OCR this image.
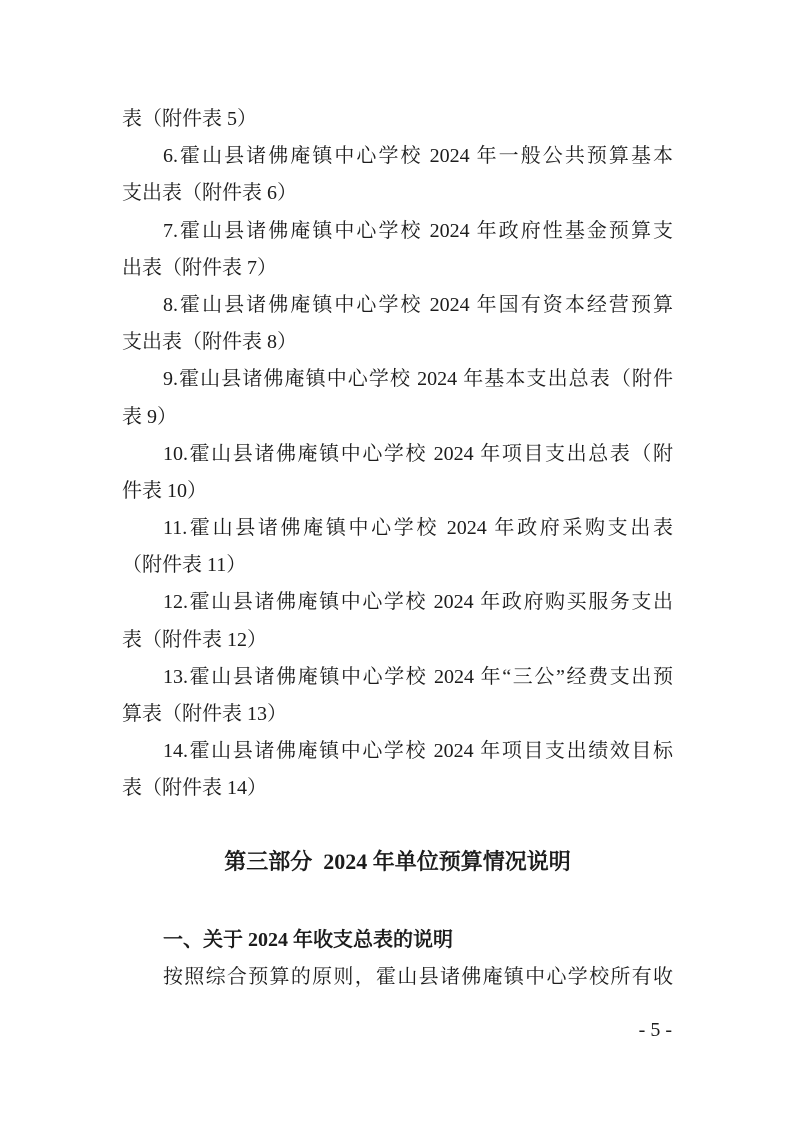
表（附件表 5）
6.霍山县诸佛庵镇中心学校 2024 年一般公共预算基本
支出表（附件表 6）
7.霍山县诸佛庵镇中心学校 2024 年政府性基金预算支
出表（附件表 7）
8.霍山县诸佛庵镇中心学校 2024 年国有资本经营预算
支出表（附件表 8）
9.霍山县诸佛庵镇中心学校 2024 年基本支出总表（附件
表 9）
10.霍山县诸佛庵镇中心学校 2024 年项目支出总表（附
件表 10）
11.霍山县诸佛庵镇中心学校 2024 年政府采购支出表
（附件表 11）
12.霍山县诸佛庵镇中心学校 2024 年政府购买服务支出
表（附件表 12）
13.霍山县诸佛庵镇中心学校 2024 年“三公”经费支出预
算表（附件表 13）
14.霍山县诸佛庵镇中心学校 2024 年项目支出绩效目标
表（附件表 14）
第三部分  2024 年单位预算情况说明
一、关于 2024 年收支总表的说明
按照综合预算的原则，霍山县诸佛庵镇中心学校所有收
- 5 -
